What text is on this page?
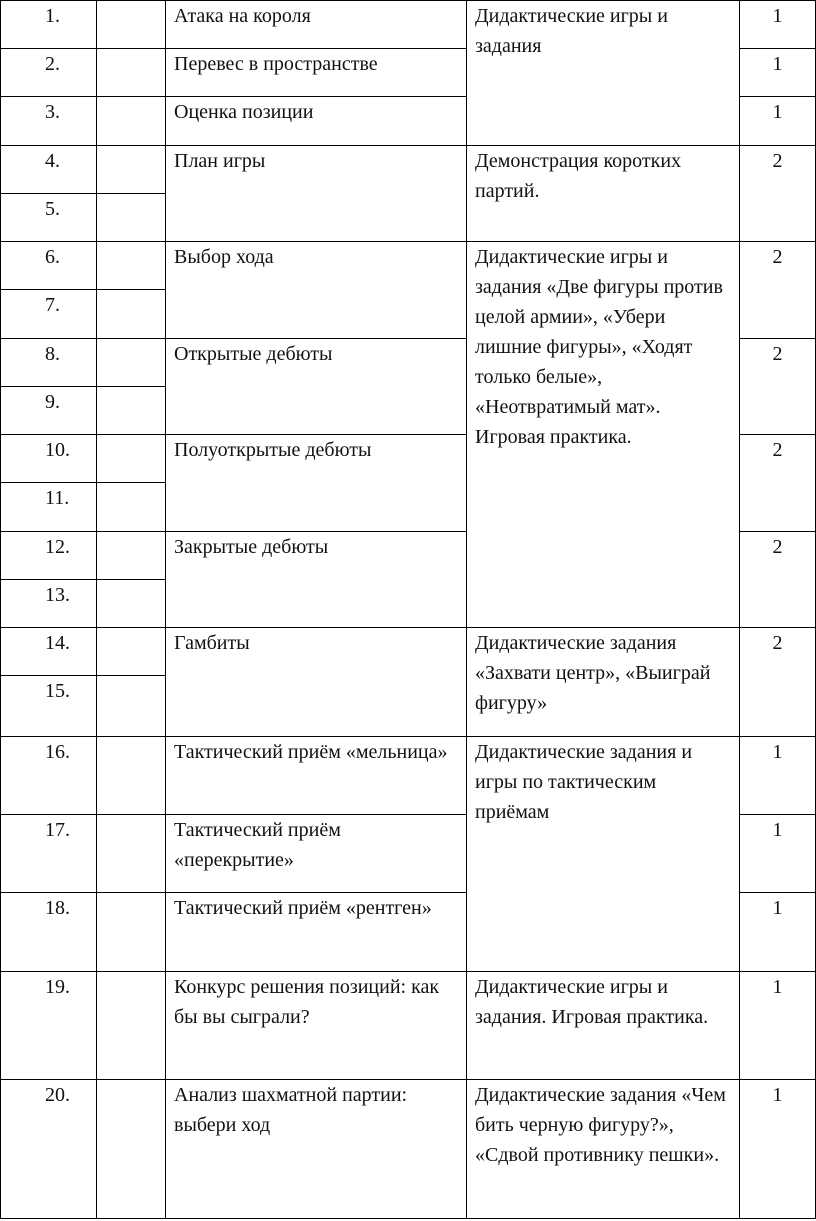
1.		Атака на короля	Дидактические игры и задания	1
2.		Перевес в пространстве		1
3.		Оценка позиции		1
4.		План игры	Демонстрация коротких партий.	2
5.				
6.		Выбор хода	Дидактические игры и задания «Две фигуры против целой армии», «Убери лишние фигуры», «Ходят только белые», «Неотвратимый мат». Игровая практика.	2
7.				
8.		Открытые дебюты		2
9.				
10.		Полуоткрытые дебюты		2
11.				
12.		Закрытые дебюты		2
13.				
14.		Гамбиты	Дидактические задания «Захвати центр», «Выиграй фигуру»	2
15.				
16.		Тактический приём «мельница»	Дидактические задания и игры по тактическим приёмам	1
17.		Тактический приём «перекрытие»		1
18.		Тактический приём «рентген»		1
19.		Конкурс решения позиций: как бы вы сыграли?	Дидактические игры и задания. Игровая практика.	1
20.		Анализ шахматной партии: выбери ход	Дидактические задания «Чем бить черную фигуру?», «Сдвой противнику пешки».	1
